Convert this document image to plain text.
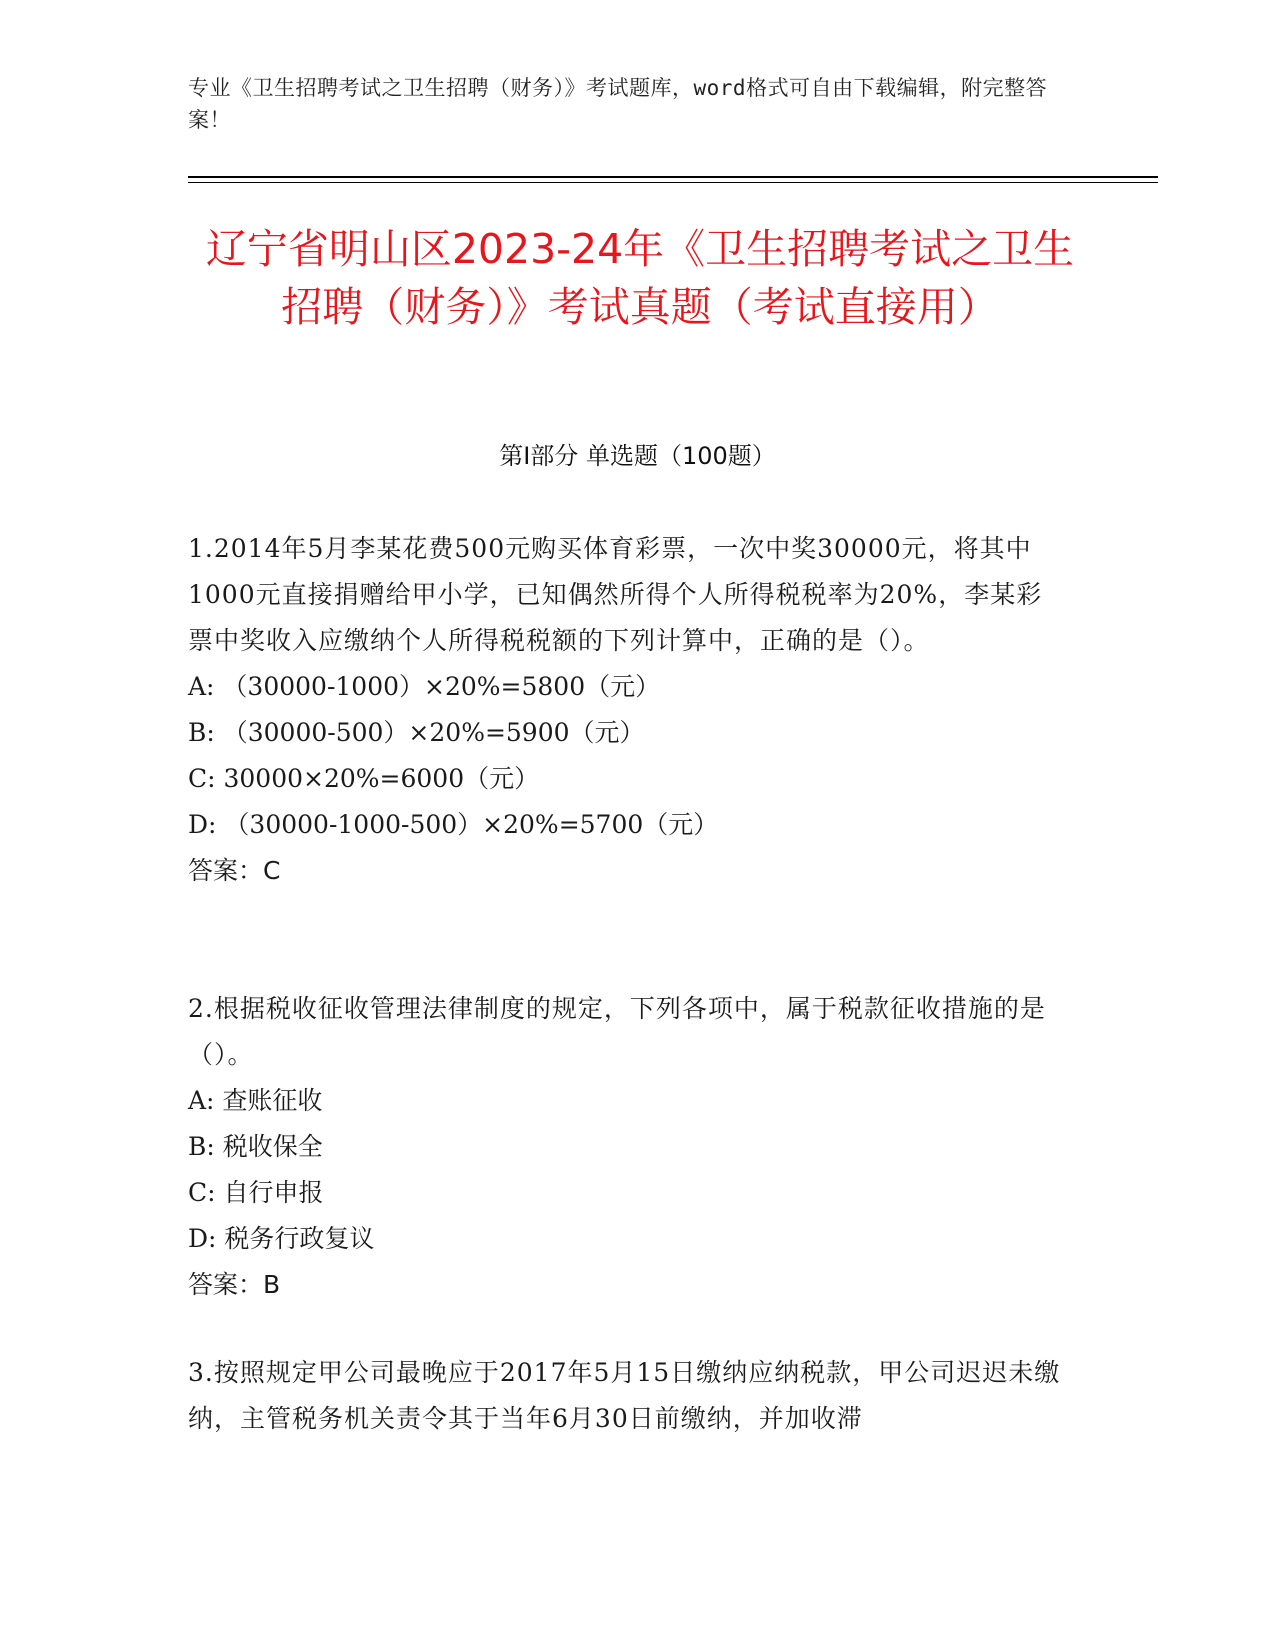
专业《卫生招聘考试之卫生招聘（财务）》考试题库，word格式可自由下载编辑，附完整答案！
辽宁省明山区2023-24年《卫生招聘考试之卫生招聘（财务）》考试真题（考试直接用）
第I部分 单选题（100题）

1.2014年5月李某花费500元购买体育彩票，一次中奖30000元，将其中1000元直接捐赠给甲小学，已知偶然所得个人所得税税率为20%，李某彩票中奖收入应缴纳个人所得税税额的下列计算中，正确的是（）。

A: （30000-1000）×20%=5800（元）

B: （30000-500）×20%=5900（元）

C: 30000×20%=6000（元）

D: （30000-1000-500）×20%=5700（元）

答案：C

2.根据税收征收管理法律制度的规定，下列各项中，属于税款征收措施的是（）。

A: 查账征收

B: 税收保全

C: 自行申报

D: 税务行政复议

答案：B

3.按照规定甲公司最晚应于2017年5月15日缴纳应纳税款，甲公司迟迟未缴纳，主管税务机关责令其于当年6月30日前缴纳，并加收滞
